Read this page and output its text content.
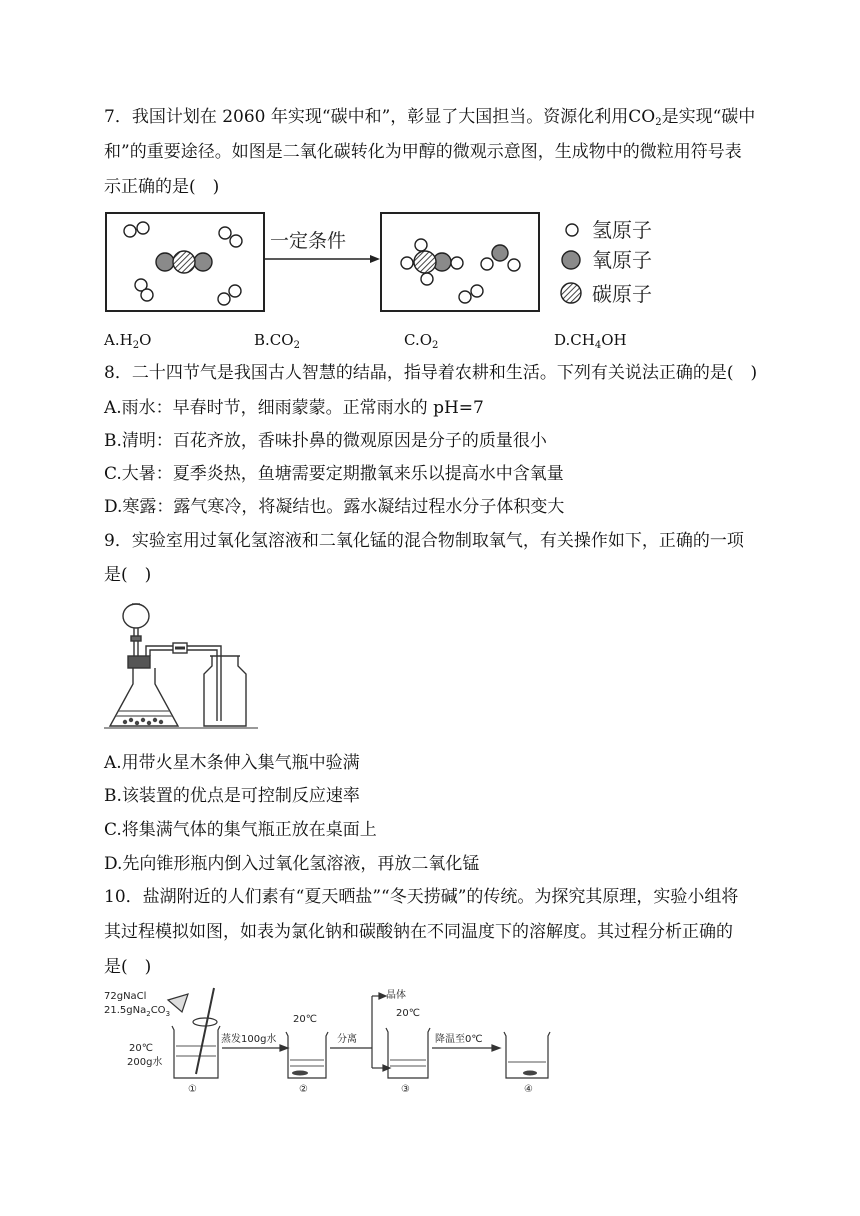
7．我国计划在 2060 年实现“碳中和”，彰显了大国担当。资源化利用$CO_2$是实现“碳中
和”的重要途径。如图是二氧化碳转化为甲醇的微观示意图，生成物中的微粒用符号表
示正确的是(　)
一定条件	氢原子
氧原子
碳原子
$A.H_2O$	$B.CO_2$	$C.O_2$	$D.CH_4OH$
8．二十四节气是我国古人智慧的结晶，指导着农耕和生活。下列有关说法正确的是(　)
A.雨水：早春时节，细雨蒙蒙。正常雨水的 pH=7
B.清明：百花齐放，香味扑鼻的微观原因是分子的质量很小
C.大暑：夏季炎热，鱼塘需要定期撒氧来乐以提高水中含氧量
D.寒露：露气寒冷，将凝结也。露水凝结过程水分子体积变大
9．实验室用过氧化氢溶液和二氧化锰的混合物制取氧气，有关操作如下，正确的一项
是(　)
A.用带火星木条伸入集气瓶中验满
B.该装置的优点是可控制反应速率
C.将集满气体的集气瓶正放在桌面上
D.先向锥形瓶内倒入过氧化氢溶液，再放二氧化锰
10．盐湖附近的人们素有“夏天晒盐”“冬天捞碱”的传统。为探究其原理，实验小组将
其过程模拟如图，如表为氯化钠和碳酸钠在不同温度下的溶解度。其过程分析正确的
是(　)
72gNaCl
$21.5gNa_2CO_3$
20℃
200g水
蒸发100g水
20℃
分离
晶体
20℃
降温至0℃
①	②	③	④
